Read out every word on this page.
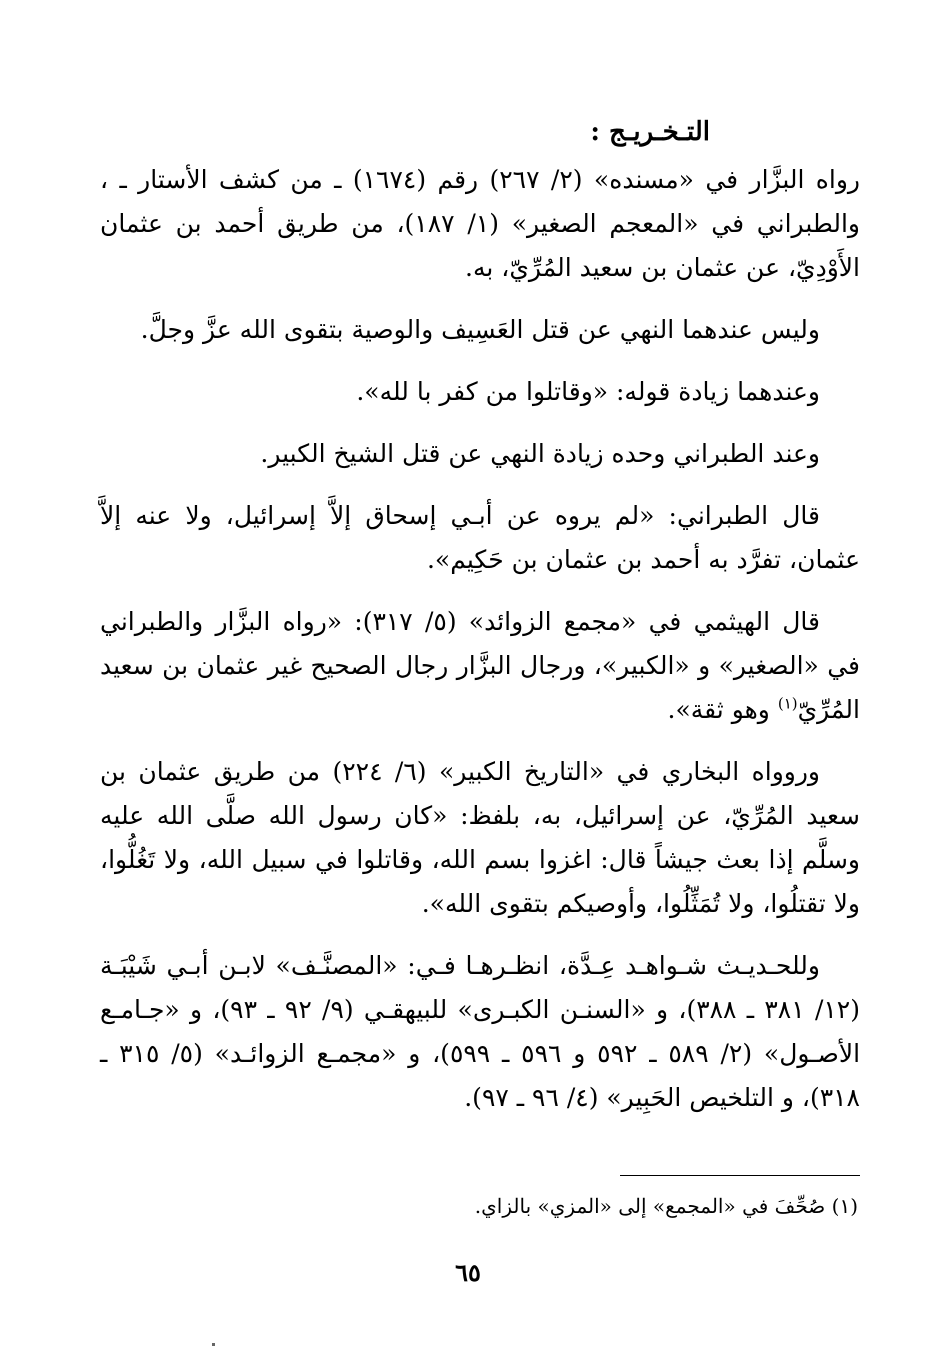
التـخـريـج :

رواه البزَّار في «مسنده» (٢/ ٢٦٧) رقم (١٦٧٤) ـ من كشف الأستار ـ ، والطبراني في «المعجم الصغير» (١/ ١٨٧)، من طريق أحمد بن عثمان الأَوْدِيّ، عن عثمان بن سعيد المُرِّيّ، به.

وليس عندهما النهي عن قتل العَسِيف والوصية بتقوى الله عزَّ وجلَّ.

وعندهما زيادة قوله: «وقاتلوا من كفر با لله».

وعند الطبراني وحده زيادة النهي عن قتل الشيخ الكبير.

قال الطبراني: «لم يروه عن أبـي إسحاق إلاَّ إسرائيل، ولا عنه إلاَّ عثمان، تفرَّد به أحمد بن عثمان بن حَكِيم».

قال الهيثمي في «مجمع الزوائد» (٥/ ٣١٧): «رواه البزَّار والطبراني في «الصغير» و «الكبير»، ورجال البزَّار رجال الصحيح غير عثمان بن سعيد المُرِّيّ$^{(١)}$ وهو ثقة».

وروواه البخاري في «التاريخ الكبير» (٦/ ٢٢٤) من طريق عثمان بن سعيد المُرِّيّ، عن إسرائيل، به، بلفظ: «كان رسول الله صلَّى الله عليه وسلَّم إذا بعث جيشاً قال: اغزوا بسم الله، وقاتلوا في سبيل الله، ولا تَغُلُّوا، ولا تقتلُوا، ولا تُمَثِّلُوا، وأوصيكم بتقوى الله».

وللحـديـث شـواهـد عِـدَّة، انظـرهـا فـي: «المصنَّـف» لابـن أبـي شَيْبَـة (١٢/ ٣٨١ ـ ٣٨٨)، و «السنـن الكبـرى» للبيهقـي (٩/ ٩٢ ـ ٩٣)، و «جـامـع الأصـول» (٢/ ٥٨٩ ـ ٥٩٢ و ٥٩٦ ـ ٥٩٩)، و «مجمـع الزوائـد» (٥/ ٣١٥ ـ ٣١٨)، و التلخيص الحَبِير» (٤/ ٩٦ ـ ٩٧).

(١) صُحِّفَ في «المجمع» إلى «المزي» بالزاي.
٦٥
